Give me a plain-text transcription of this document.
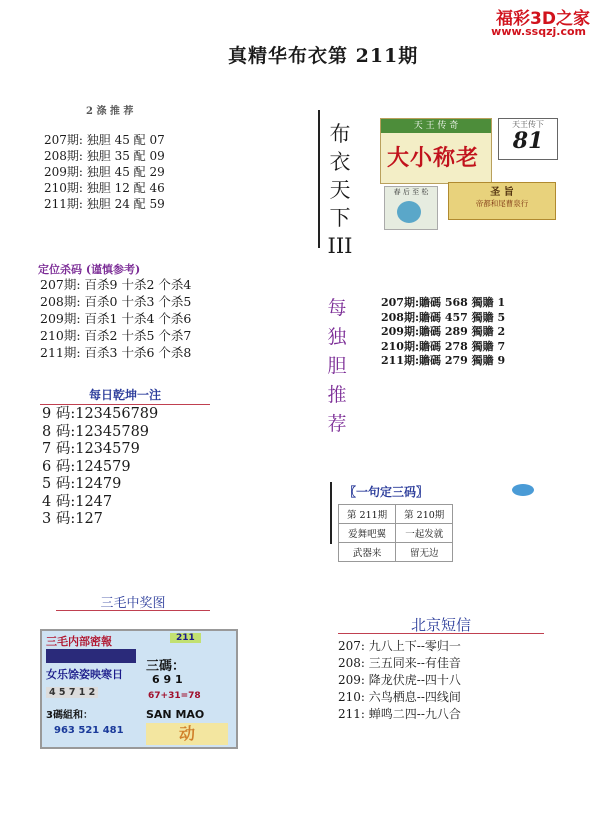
福彩3D之家
www.ssqzj.com
真精华布衣第 211期
2 涤 推 荐
207期: 独胆 45 配 07
208期: 独胆 35 配 09
209期: 独胆 45 配 29
210期: 独胆 12 配 46
211期: 独胆 24 配 59
定位杀码 (谨慎参考)
207期: 百杀9 十杀2 个杀4
208期: 百杀0 十杀3 个杀5
209期: 百杀1 十杀4 个杀6
210期: 百杀2 十杀5 个杀7
211期: 百杀3 十杀6 个杀8
每日乾坤一注
9 码:123456789
8 码:12345789
7 码:1234579
6 码:124579
5 码:12479
4 码:1247
3 码:127
布
衣
天
下
III
天 王 传 奇
大小称老
天王传下
81
春 后 至 松	圣 旨
帝都和尾曹泉行
每
独
胆
推
荐
207期:贍碼 568 獨贍 1
208期:贍碼 457 獨贍 5
209期:贍碼 289 獨贍 2
210期:贍碼 278 獨贍 7
211期:贍碼 279 獨贍 9
〖一句定三码〗
第 211期	第 210期
爱舞吧翼	一起发就
武器来	留无边
三毛中奖图
三毛内部密報	211
女乐馀姿映寒日
三碼：
6 9 1
4 5 7 1 2	67+31=78
3碼組和：	SAN MAO
963 521 481	动
北京短信
207: 九八上下--零归一
208: 三五同来--有佳音
209: 降龙伏虎--四十八
210: 六鸟栖息--四线间
211: 蝉鸣二四--九八合
